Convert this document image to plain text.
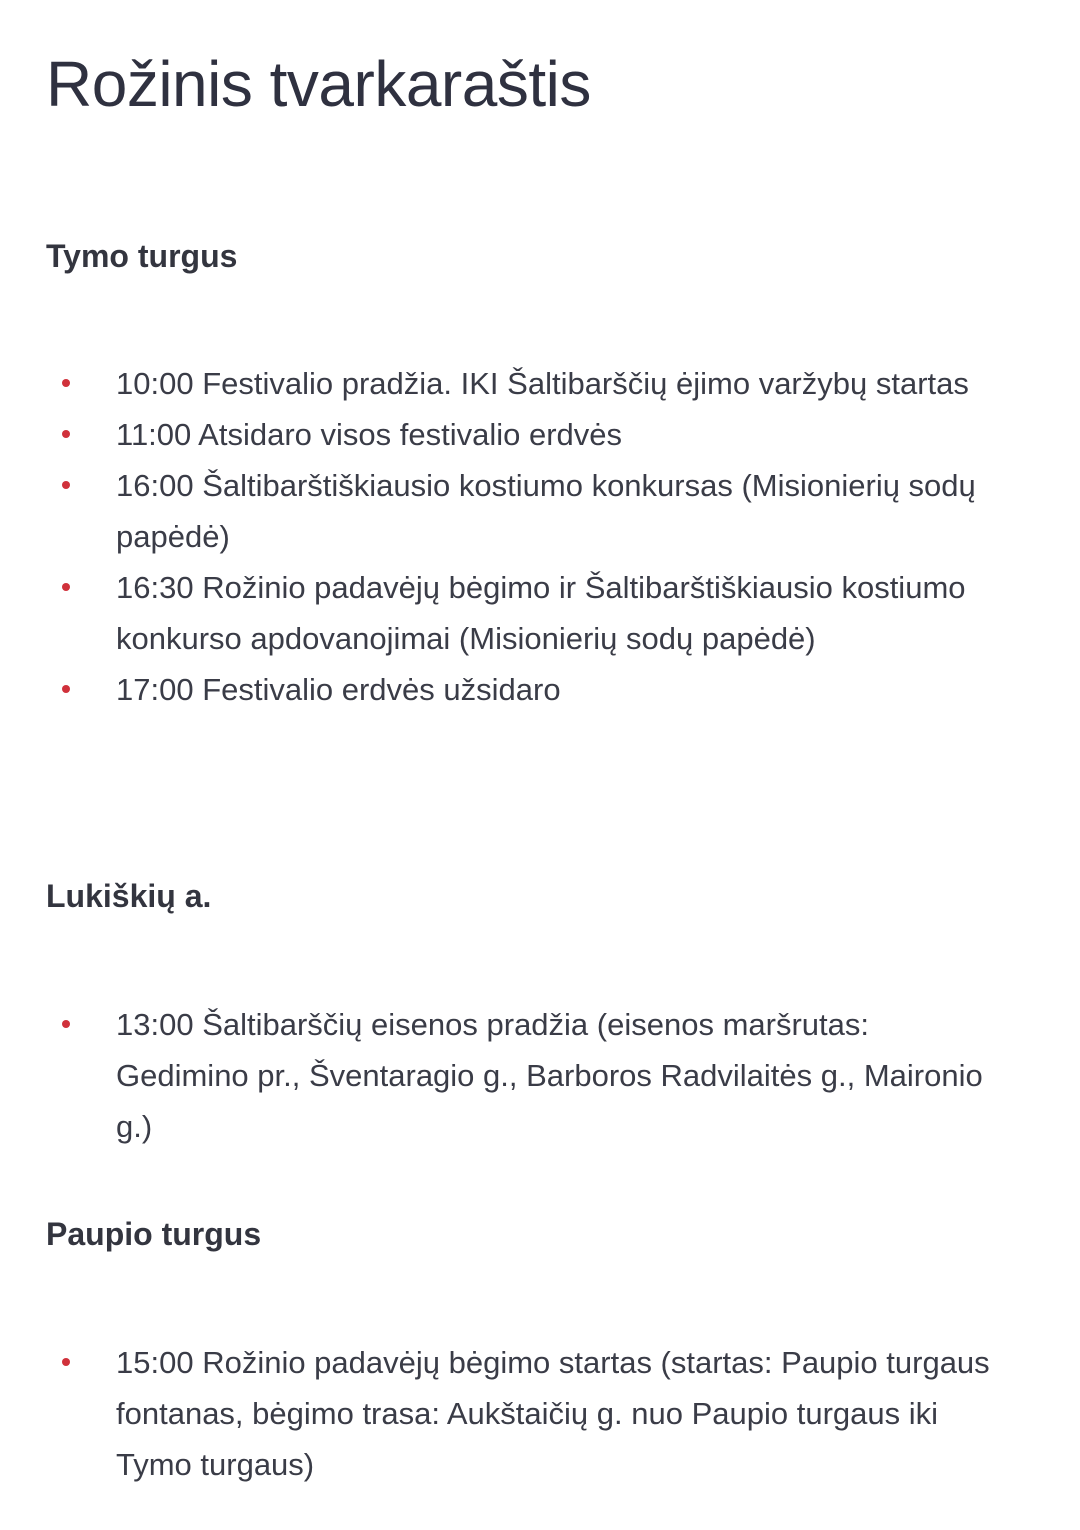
Rožinis tvarkaraštis
Tymo turgus
10:00 Festivalio pradžia. IKI Šaltibarščių ėjimo varžybų startas
11:00 Atsidaro visos festivalio erdvės
16:00 Šaltibarštiškiausio kostiumo konkursas (Misionierių sodų papėdė)
16:30 Rožinio padavėjų bėgimo ir Šaltibarštiškiausio kostiumo konkurso apdovanojimai (Misionierių sodų papėdė)
17:00 Festivalio erdvės užsidaro
Lukiškių a.
13:00 Šaltibarščių eisenos pradžia (eisenos maršrutas: Gedimino pr., Šventaragio g., Barboros Radvilaitės g., Maironio g.)
Paupio turgus
15:00 Rožinio padavėjų bėgimo startas (startas: Paupio turgaus fontanas, bėgimo trasa: Aukštaičių g. nuo Paupio turgaus iki Tymo turgaus)
